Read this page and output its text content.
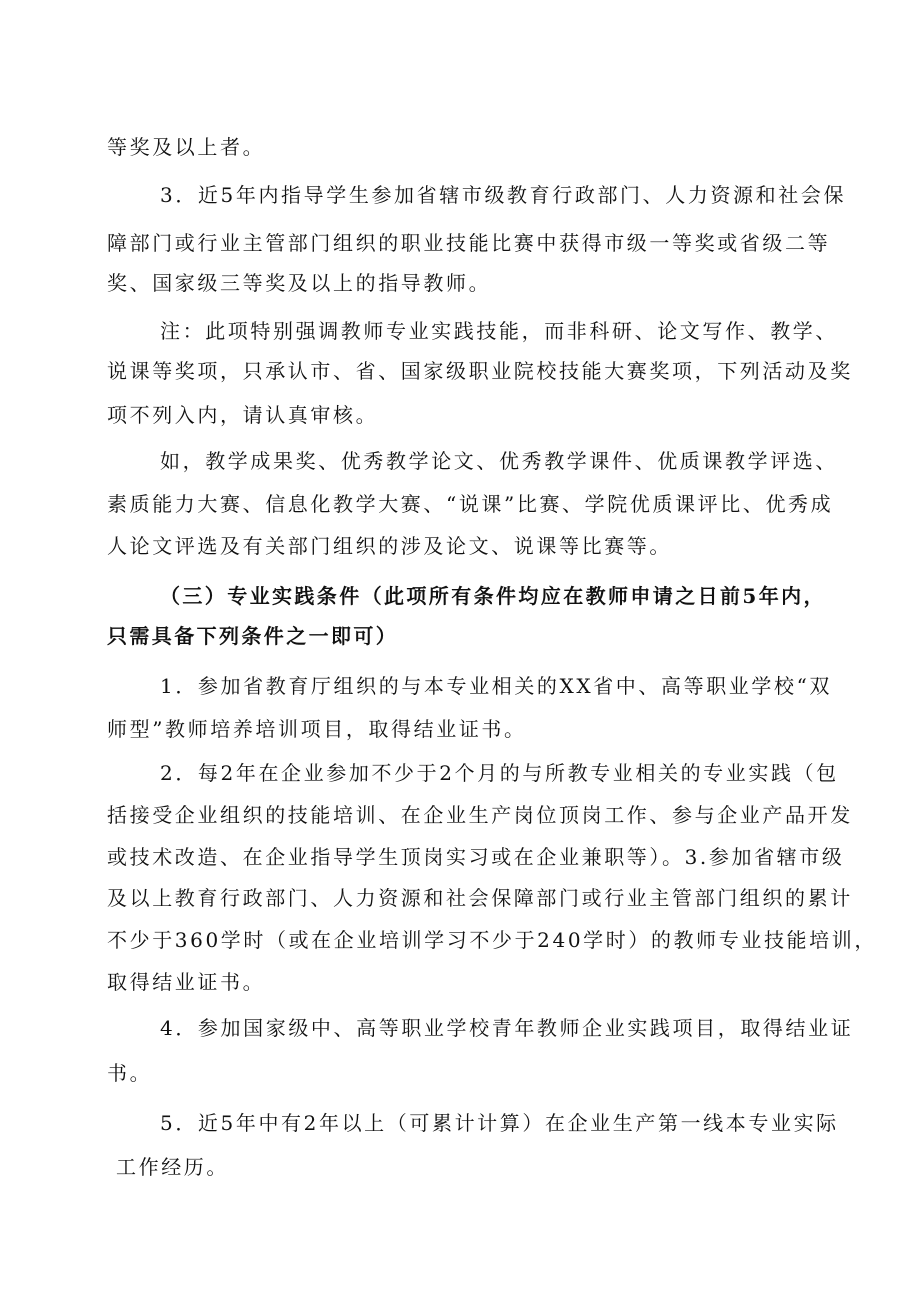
等奖及以上者。
3．近5年内指导学生参加省辖市级教育行政部门、人力资源和社会保
障部门或行业主管部门组织的职业技能比赛中获得市级一等奖或省级二等
奖、国家级三等奖及以上的指导教师。
注：此项特别强调教师专业实践技能，而非科研、论文写作、教学、
说课等奖项，只承认市、省、国家级职业院校技能大赛奖项，下列活动及奖
项不列入内，请认真审核。
如，教学成果奖、优秀教学论文、优秀教学课件、优质课教学评选、
素质能力大赛、信息化教学大赛、“说课”比赛、学院优质课评比、优秀成
人论文评选及有关部门组织的涉及论文、说课等比赛等。
（三）专业实践条件（此项所有条件均应在教师申请之日前5年内，
只需具备下列条件之一即可）
1．参加省教育厅组织的与本专业相关的XX省中、高等职业学校“双
师型”教师培养培训项目，取得结业证书。
2．每2年在企业参加不少于2个月的与所教专业相关的专业实践（包
括接受企业组织的技能培训、在企业生产岗位顶岗工作、参与企业产品开发
或技术改造、在企业指导学生顶岗实习或在企业兼职等）。3.参加省辖市级
及以上教育行政部门、人力资源和社会保障部门或行业主管部门组织的累计
不少于360学时（或在企业培训学习不少于240学时）的教师专业技能培训，
取得结业证书。
4．参加国家级中、高等职业学校青年教师企业实践项目，取得结业证
书。
5．近5年中有2年以上（可累计计算）在企业生产第一线本专业实际
工作经历。
